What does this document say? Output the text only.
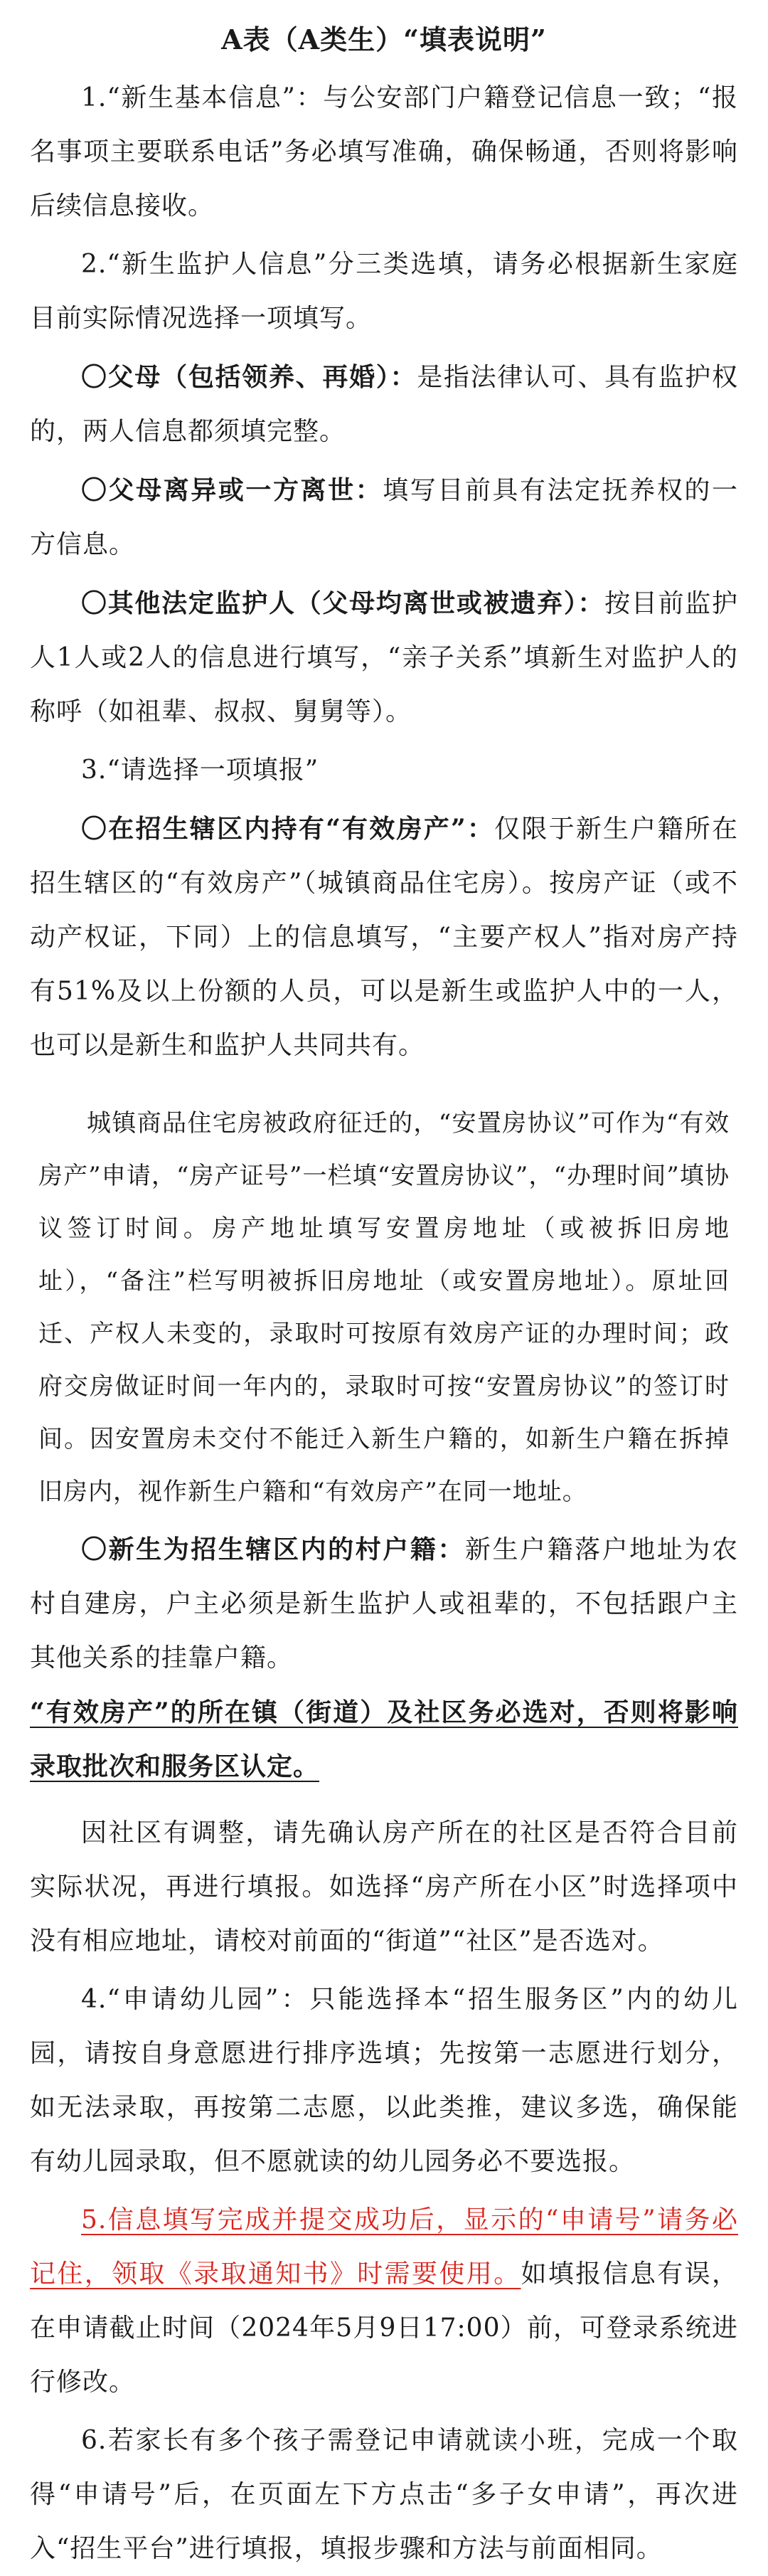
A表（A类生）“填表说明”

1.“新生基本信息”：与公安部门户籍登记信息一致；“报名事项主要联系电话”务必填写准确，确保畅通，否则将影响后续信息接收。

2.“新生监护人信息”分三类选填，请务必根据新生家庭目前实际情况选择一项填写。

〇父母（包括领养、再婚）：是指法律认可、具有监护权的，两人信息都须填完整。

〇父母离异或一方离世：填写目前具有法定抚养权的一方信息。

〇其他法定监护人（父母均离世或被遗弃）：按目前监护人1人或2人的信息进行填写，“亲子关系”填新生对监护人的称呼（如祖辈、叔叔、舅舅等）。

3.“请选择一项填报”

〇在招生辖区内持有“有效房产”：仅限于新生户籍所在招生辖区的“有效房产”（城镇商品住宅房）。按房产证（或不动产权证，下同）上的信息填写，“主要产权人”指对房产持有51%及以上份额的人员，可以是新生或监护人中的一人，也可以是新生和监护人共同共有。

城镇商品住宅房被政府征迁的，“安置房协议”可作为“有效房产”申请，“房产证号”一栏填“安置房协议”，“办理时间”填协议签订时间。房产地址填写安置房地址（或被拆旧房地址），“备注”栏写明被拆旧房地址（或安置房地址）。原址回迁、产权人未变的，录取时可按原有效房产证的办理时间；政府交房做证时间一年内的，录取时可按“安置房协议”的签订时间。因安置房未交付不能迁入新生户籍的，如新生户籍在拆掉旧房内，视作新生户籍和“有效房产”在同一地址。

〇新生为招生辖区内的村户籍：新生户籍落户地址为农村自建房，户主必须是新生监护人或祖辈的，不包括跟户主其他关系的挂靠户籍。

“有效房产”的所在镇（街道）及社区务必选对，否则将影响录取批次和服务区认定。

因社区有调整，请先确认房产所在的社区是否符合目前实际状况，再进行填报。如选择“房产所在小区”时选择项中没有相应地址，请校对前面的“街道”“社区”是否选对。

4.“申请幼儿园”：只能选择本“招生服务区”内的幼儿园，请按自身意愿进行排序选填；先按第一志愿进行划分，如无法录取，再按第二志愿，以此类推，建议多选，确保能有幼儿园录取，但不愿就读的幼儿园务必不要选报。

5.信息填写完成并提交成功后，显示的“申请号”请务必记住，领取《录取通知书》时需要使用。如填报信息有误，在申请截止时间（2024年5月9日17:00）前，可登录系统进行修改。

6.若家长有多个孩子需登记申请就读小班，完成一个取得“申请号”后，在页面左下方点击“多子女申请”，再次进入“招生平台”进行填报，填报步骤和方法与前面相同。
